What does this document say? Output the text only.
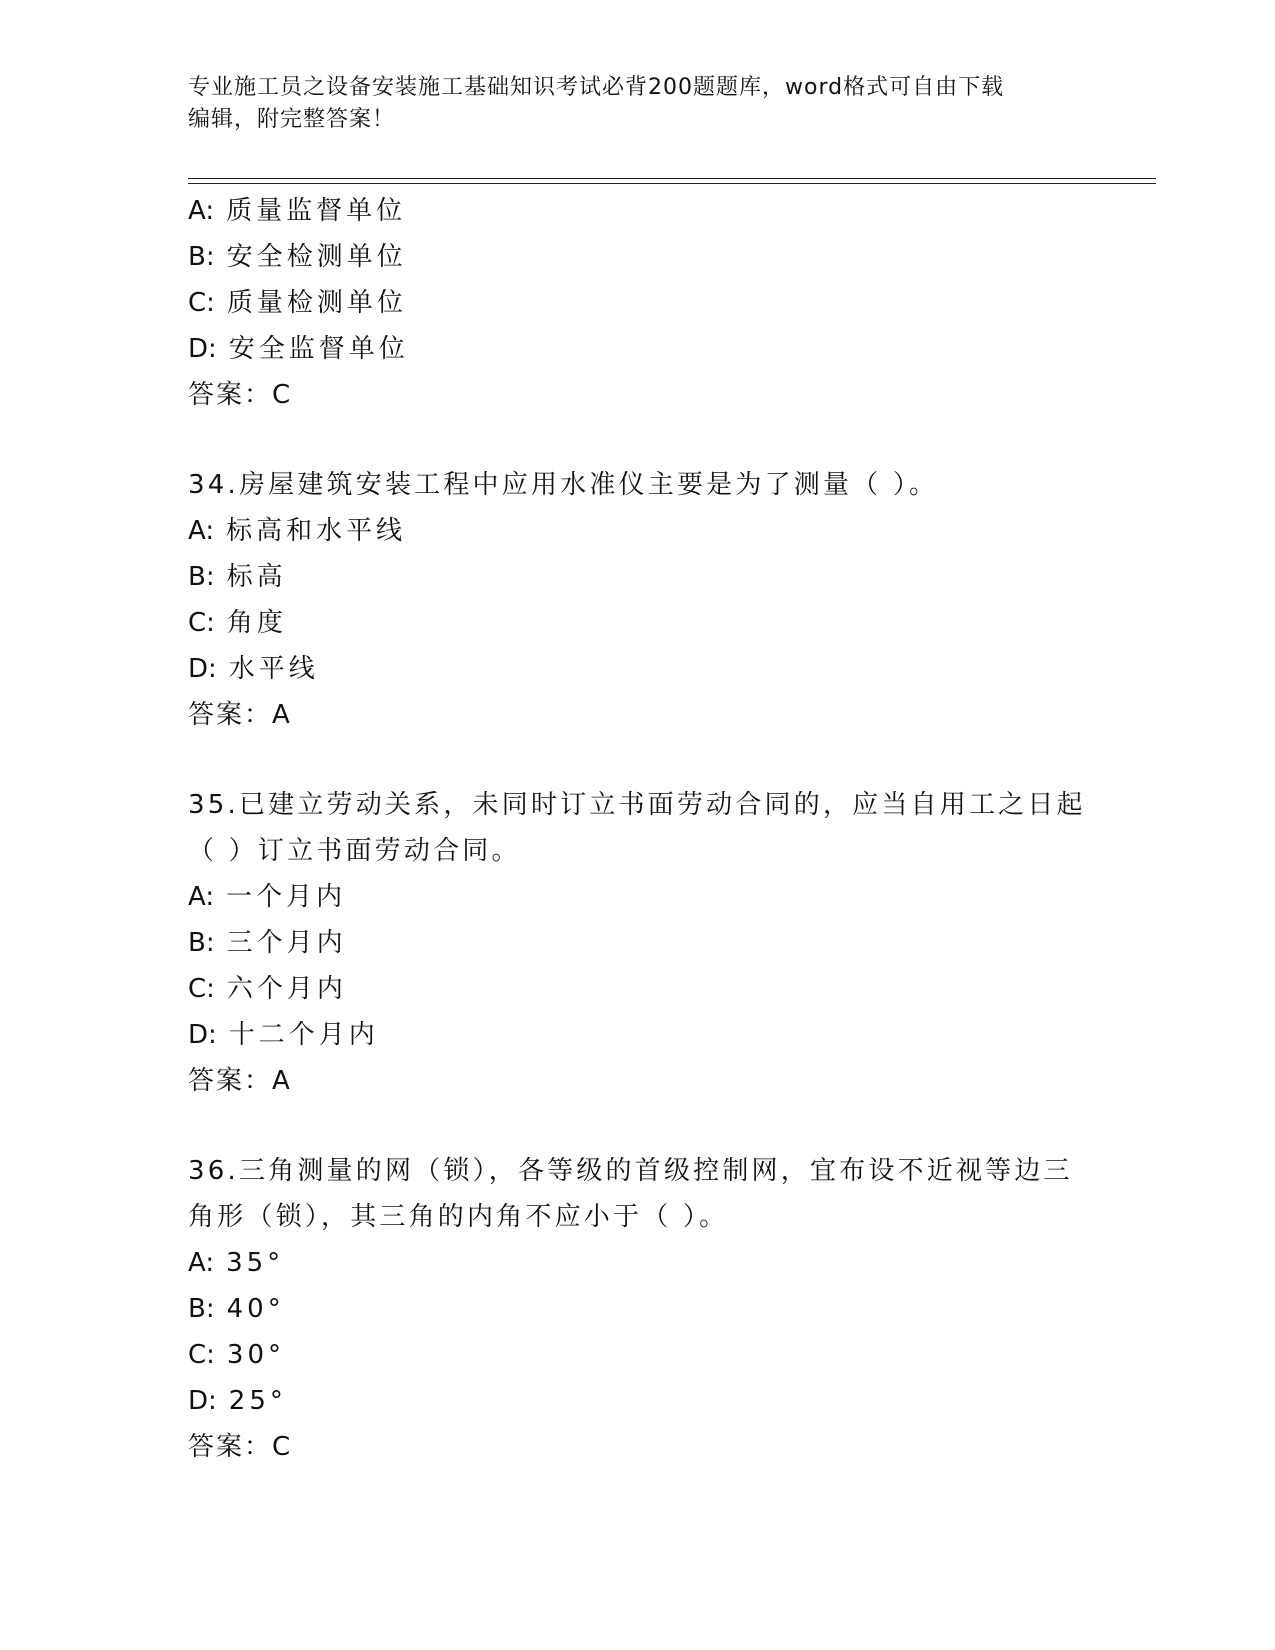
专业施工员之设备安装施工基础知识考试必背200题题库，word格式可自由下载
编辑，附完整答案！
A: 质量监督单位
B: 安全检测单位
C: 质量检测单位
D: 安全监督单位
答案：C
34.房屋建筑安装工程中应用水准仪主要是为了测量（ ）。
A: 标高和水平线
B: 标高
C: 角度
D: 水平线
答案：A
35.已建立劳动关系，未同时订立书面劳动合同的，应当自用工之日起（ ）订立书面劳动合同。
A: 一个月内
B: 三个月内
C: 六个月内
D: 十二个月内
答案：A
36.三角测量的网（锁），各等级的首级控制网，宜布设不近视等边三角形（锁），其三角的内角不应小于（ ）。
A: 35°
B: 40°
C: 30°
D: 25°
答案：C
